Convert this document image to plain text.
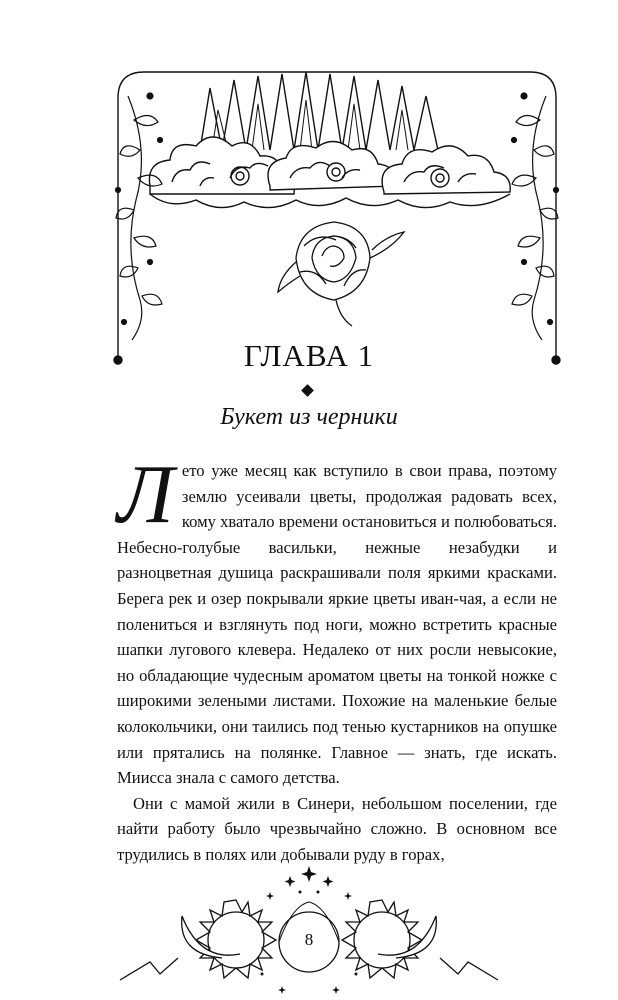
ГЛАВА 1
Букет из черники

Лето уже месяц как вступило в свои права, поэтому землю усеивали цветы, продолжая радовать всех, кому хватало времени остановиться и полюбоваться. Небесно-голубые васильки, нежные незабудки и разноцветная душица раскрашивали поля яркими красками. Берега рек и озер покрывали яркие цветы иван-чая, а если не полениться и взглянуть под ноги, можно встретить красные шапки лугового клевера. Недалеко от них росли невысокие, но обладающие чудесным ароматом цветы на тонкой ножке с широкими зелеными листами. Похожие на маленькие белые колокольчики, они таились под тенью кустарников на опушке или прятались на полянке. Главное — знать, где искать. Миисса знала с самого детства.

Они с мамой жили в Синери, небольшом поселении, где найти работу было чрезвычайно сложно. В основном все трудились в полях или добывали руду в горах,

8
